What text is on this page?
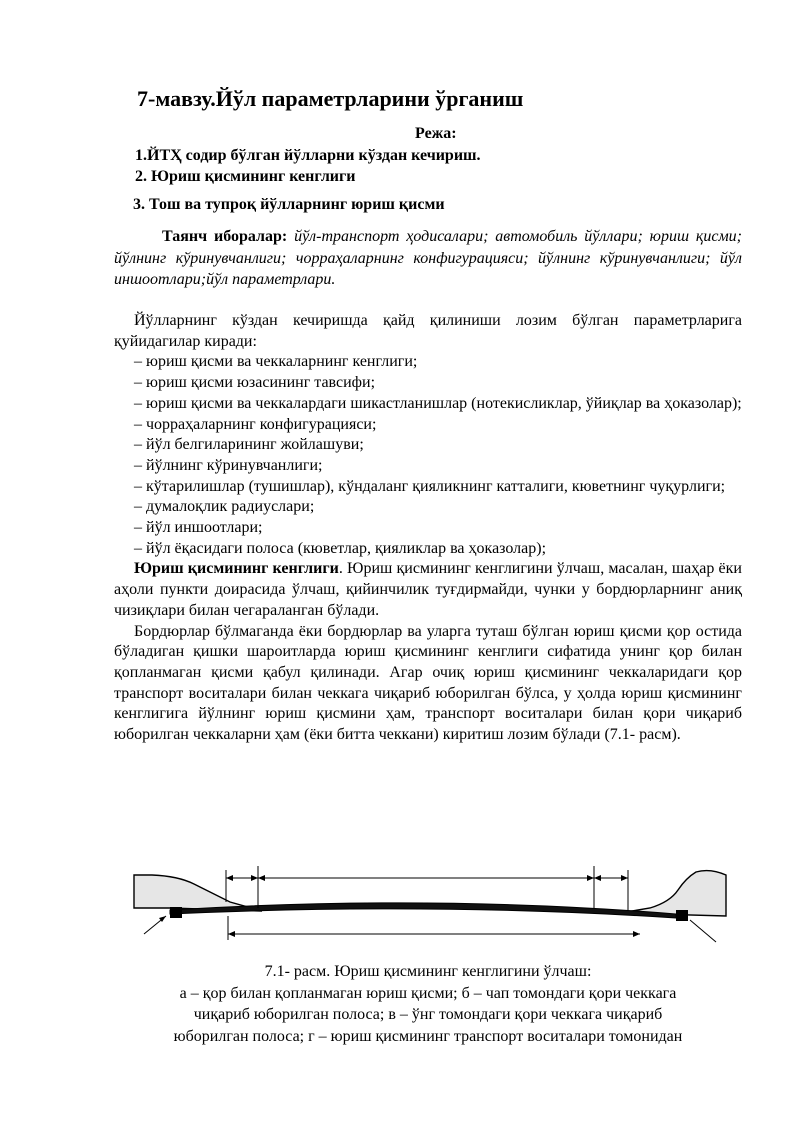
7-мавзу.Йўл параметрларини ўрганиш
Режа:
1.ЙТҲ содир бўлган йўлларни кўздан кечириш.
2. Юриш қисмининг кенглиги
3. Тош ва тупроқ йўлларнинг юриш қисми
Таянч иборалар: йўл-транспорт ҳодисалари; автомобиль йўллари; юриш қисми; йўлнинг кўринувчанлиги; чорраҳаларнинг конфигурацияси; йўлнинг кўринувчанлиги; йўл иншоотлари;йўл параметрлари.

Йўлларнинг кўздан кечиришда қайд қилиниши лозим бўлган параметрларига қуйидагилар киради:

– юриш қисми ва чеккаларнинг кенглиги;

– юриш қисми юзасининг тавсифи;

– юриш қисми ва чеккалардаги шикастланишлар (нотекисликлар, ўйиқлар ва ҳоказолар);

– чорраҳаларнинг конфигурацияси;

– йўл белгиларининг жойлашуви;

– йўлнинг кўринувчанлиги;

– кўтарилишлар (тушишлар), кўндаланг қияликнинг катталиги, кюветнинг чуқурлиги;

– думалоқлик радиуслари;

– йўл иншоотлари;

– йўл ёқасидаги полоса (кюветлар, қияликлар ва ҳоказолар);

Юриш қисмининг кенглиги. Юриш қисмининг кенглигини ўлчаш, масалан, шаҳар ёки аҳоли пункти доирасида ўлчаш, қийинчилик туғдирмайди, чунки у бордюрларнинг аниқ чизиқлари билан чегараланган бўлади.

Бордюрлар бўлмаганда ёки бордюрлар ва уларга туташ бўлган юриш қисми қор остида бўладиган қишки шароитларда юриш қисмининг кенглиги сифатида унинг қор билан қопланмаган қисми қабул қилинади. Агар очиқ юриш қисмининг чеккаларидаги қор транспорт воситалари билан чеккага чиқариб юборилган бўлса, у ҳолда юриш қисмининг кенглигига йўлнинг юриш қисмини ҳам, транспорт воситалари билан қори чиқариб юборилган чеккаларни ҳам (ёки битта чеккани) киритиш лозим бўлади (7.1- расм).

7.1- расм. Юриш қисмининг кенглигини ўлчаш:
а – қор билан қопланмаган юриш қисми; б – чап томондаги қори чеккага
чиқариб юборилган полоса; в – ўнг томондаги қори чеккага чиқариб
юборилган полоса; г – юриш қисмининг транспорт воситалари томонидан
